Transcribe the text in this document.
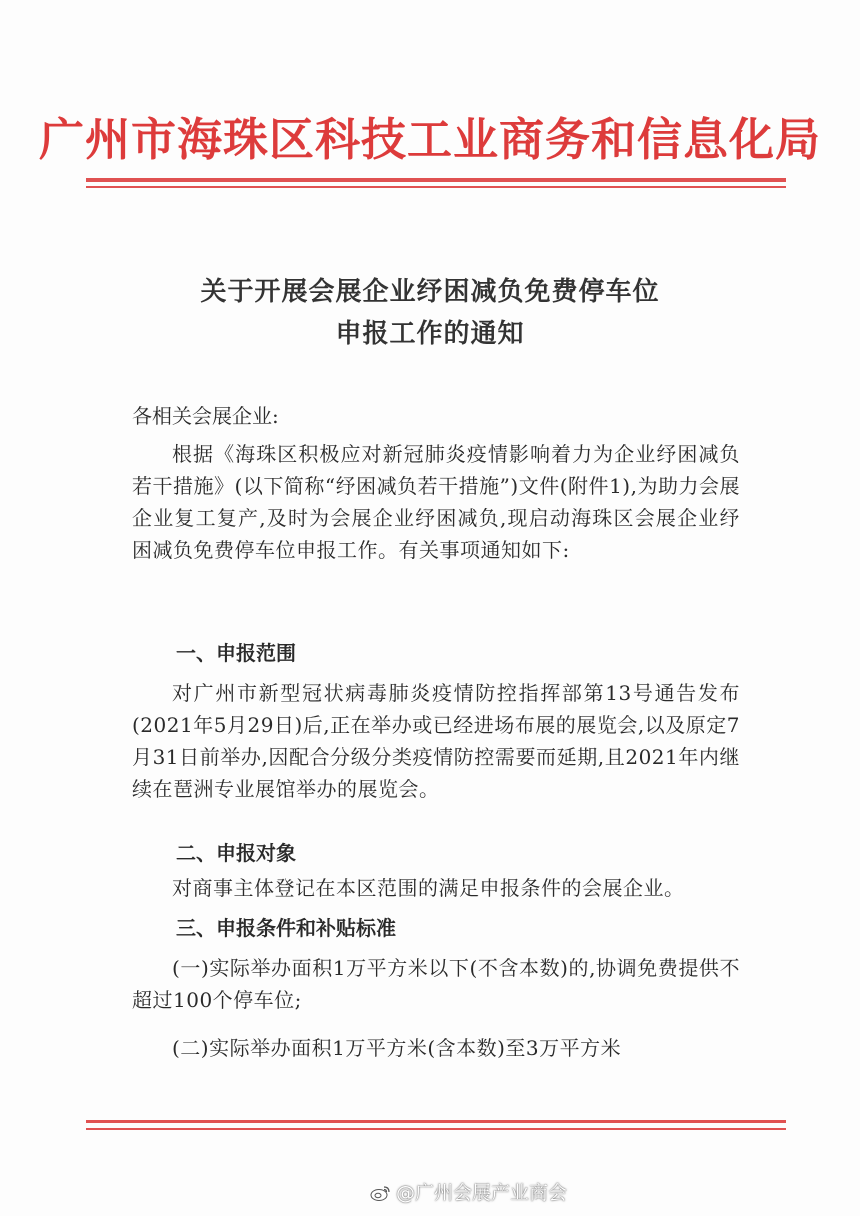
广州市海珠区科技工业商务和信息化局
关于开展会展企业纾困减负免费停车位
申报工作的通知
各相关会展企业:
根据《海珠区积极应对新冠肺炎疫情影响着力为企业纾困减负若干措施》(以下简称“纾困减负若干措施”)文件(附件1),为助力会展企业复工复产,及时为会展企业纾困减负,现启动海珠区会展企业纾困减负免费停车位申报工作。有关事项通知如下:
一、申报范围
对广州市新型冠状病毒肺炎疫情防控指挥部第13号通告发布(2021年5月29日)后,正在举办或已经进场布展的展览会,以及原定7月31日前举办,因配合分级分类疫情防控需要而延期,且2021年内继续在琶洲专业展馆举办的展览会。
二、申报对象
对商事主体登记在本区范围的满足申报条件的会展企业。
三、申报条件和补贴标准
(一)实际举办面积1万平方米以下(不含本数)的,协调免费提供不超过100个停车位;
(二)实际举办面积1万平方米(含本数)至3万平方米
@广州会展产业商会
